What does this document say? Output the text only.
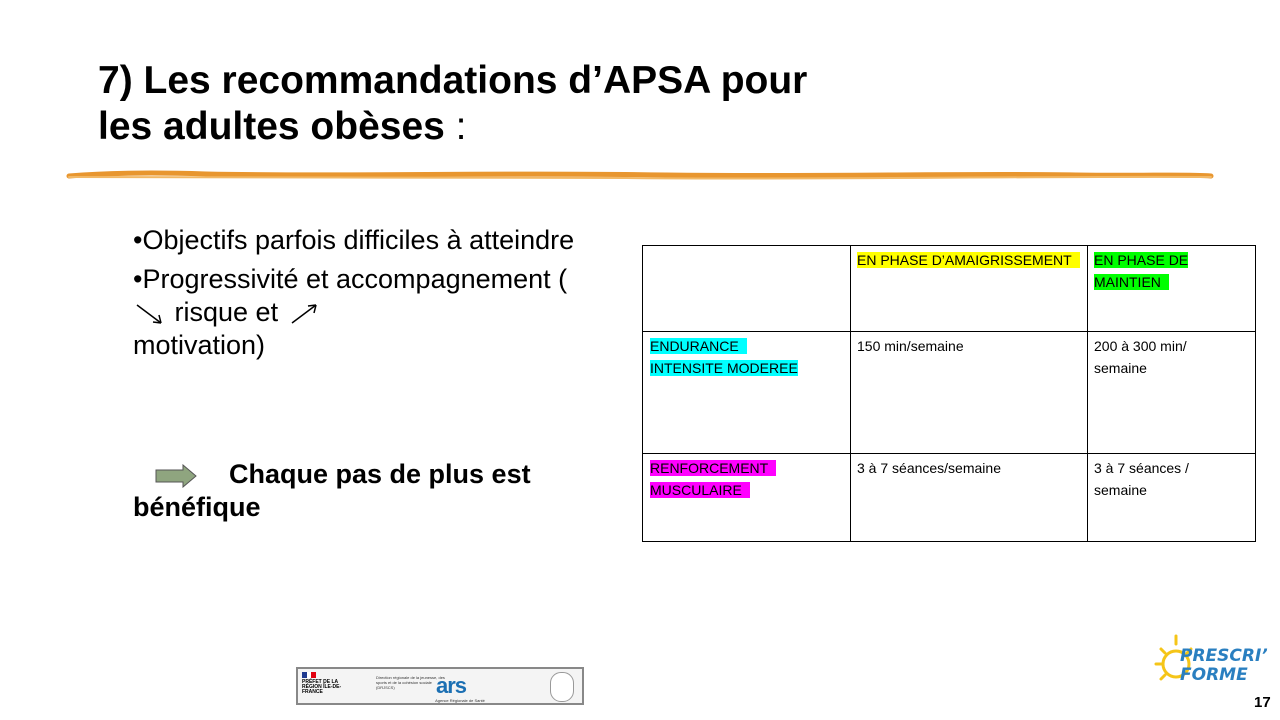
7) Les recommandations d’APSA pour
les adultes obèses :

•Objectifs parfois difficiles à atteindre

•Progressivité et accompagnement (  risque et
motivation)

Chaque pas de plus est bénéfique
	EN PHASE D’AMAIGRISSEMENT	EN PHASE DE MAINTIEN
ENDURANCE
INTENSITE MODEREE	150 min/semaine	200 à 300 min/
semaine
RENFORCEMENT
MUSCULAIRE	3 à 7 séances/semaine	3 à 7 séances /
semaine
PRÉFET DE LA RÉGION ÎLE-DE-FRANCE
Direction régionale de la jeunesse, des sports et de la cohésion sociale (DRJSCS)	ars
Agence Régionale de Santé
PRESCRI’
FORME
17
